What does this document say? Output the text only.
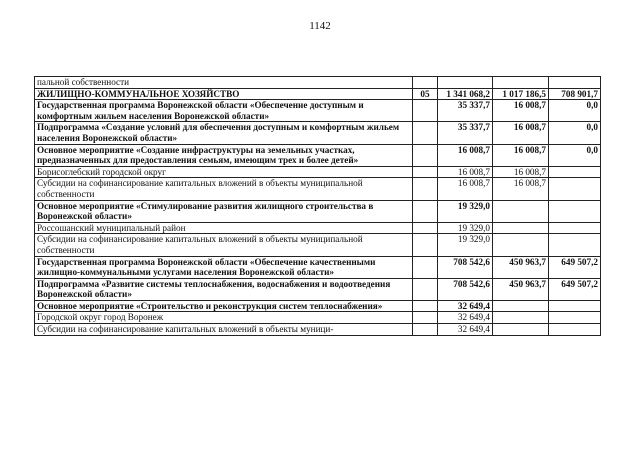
1142
пальной собственности				
ЖИЛИЩНО-КОММУНАЛЬНОЕ ХОЗЯЙСТВО	05	1 341 068,2	1 017 186,5	708 901,7
Государственная программа Воронежской области «Обеспечение доступным и комфортным жильем населения Воронежской области»		35 337,7	16 008,7	0,0
Подпрограмма «Создание условий для обеспечения доступным и комфортным жильем населения Воронежской области»		35 337,7	16 008,7	0,0
Основное мероприятие «Создание инфраструктуры на земельных участках, предназначенных для предоставления семьям, имеющим трех и более детей»		16 008,7	16 008,7	0,0
Борисоглебский городской округ		16 008,7	16 008,7	
Субсидии на софинансирование капитальных вложений в объекты муниципальной собственности		16 008,7	16 008,7	
Основное мероприятие «Стимулирование развития жилищного строительства в Воронежской области»		19 329,0		
Россошанский муниципальный район		19 329,0		
Субсидии на софинансирование капитальных вложений в объекты муниципальной собственности		19 329,0		
Государственная программа Воронежской области «Обеспечение качественными жилищно-коммунальными услугами населения Воронежской области»		708 542,6	450 963,7	649 507,2
Подпрограмма «Развитие системы теплоснабжения, водоснабжения и водоотведения Воронежской области»		708 542,6	450 963,7	649 507,2
Основное мероприятие «Строительство и реконструкция систем теплоснабжения»		32 649,4		
Городской округ город Воронеж		32 649,4		
Субсидии на софинансирование капитальных вложений в объекты муници-		32 649,4		
